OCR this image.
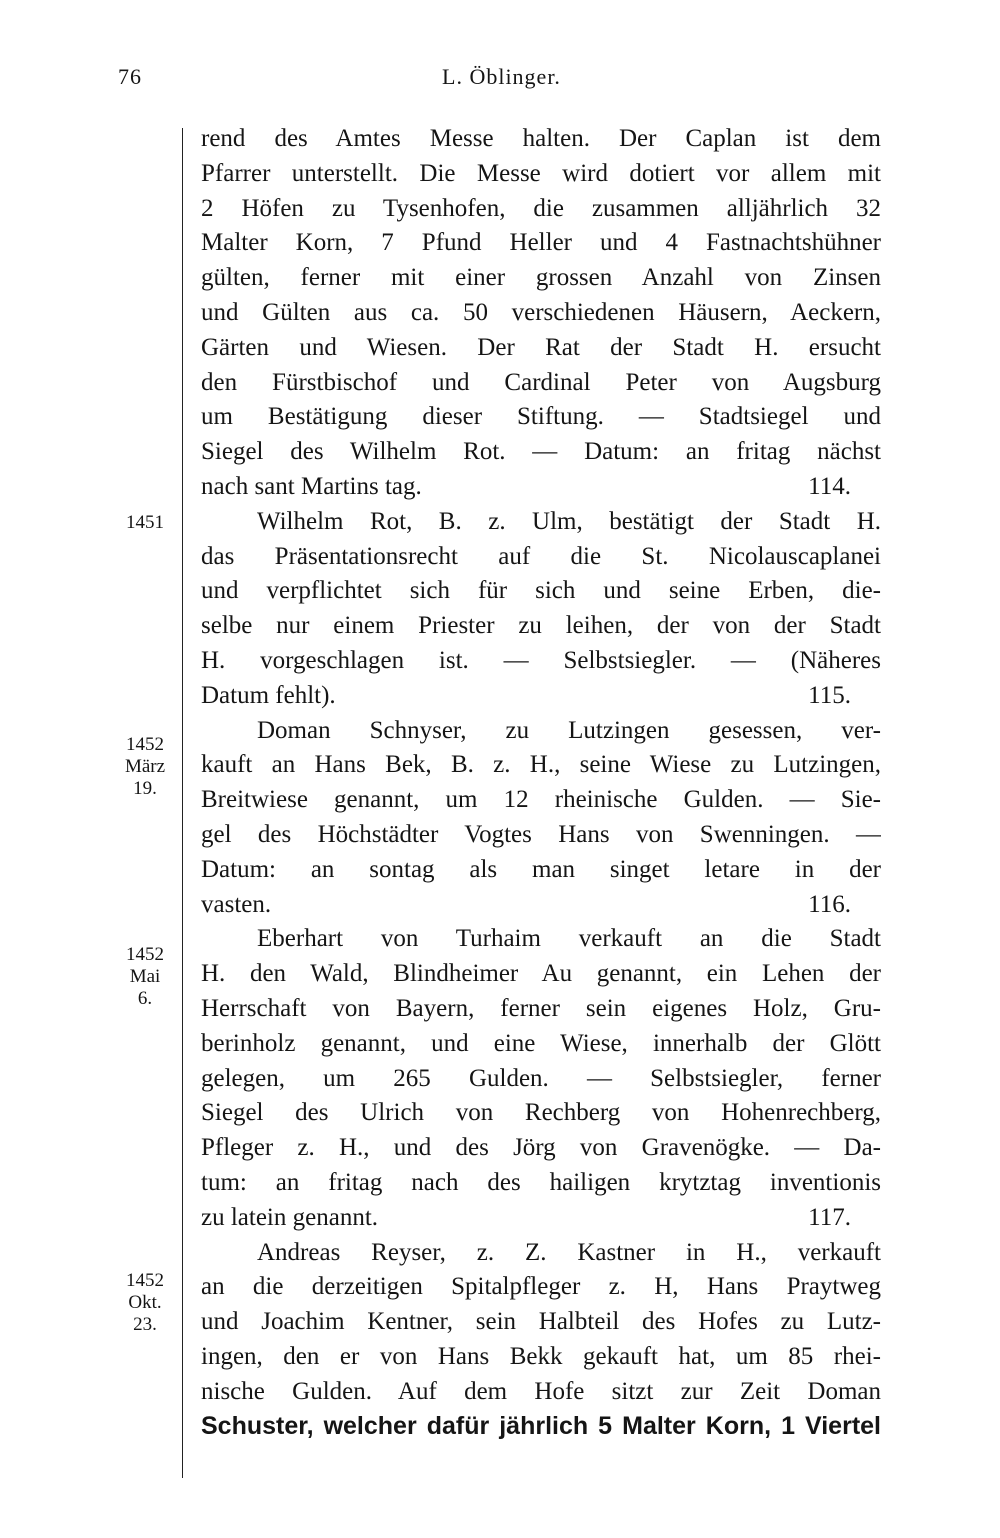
76	L. Öblinger.
1451
1452
März
19.
1452
Mai
6.
1452
Okt.
23.
rend des Amtes Messe halten. Der Caplan ist dem
Pfarrer unterstellt. Die Messe wird dotiert vor allem mit
2 Höfen zu Tysenhofen, die zusammen alljährlich 32
Malter Korn, 7 Pfund Heller und 4 Fastnachtshühner
gülten, ferner mit einer grossen Anzahl von Zinsen
und Gülten aus ca. 50 verschiedenen Häusern, Aeckern,
Gärten und Wiesen. Der Rat der Stadt H. ersucht
den Fürstbischof und Cardinal Peter von Augsburg
um Bestätigung dieser Stiftung. — Stadtsiegel und
Siegel des Wilhelm Rot. — Datum: an fritag nächst
nach sant Martins tag.	114.
Wilhelm Rot, B. z. Ulm, bestätigt der Stadt H.
das Präsentationsrecht auf die St. Nicolauscaplanei
und verpflichtet sich für sich und seine Erben, die-
selbe nur einem Priester zu leihen, der von der Stadt
H. vorgeschlagen ist. — Selbstsiegler. — (Näheres
Datum fehlt).	115.
Doman Schnyser, zu Lutzingen gesessen, ver-
kauft an Hans Bek, B. z. H., seine Wiese zu Lutzingen,
Breitwiese genannt, um 12 rheinische Gulden. — Sie-
gel des Höchstädter Vogtes Hans von Swenningen. —
Datum: an sontag als man singet letare in der
vasten.	116.
Eberhart von Turhaim verkauft an die Stadt
H. den Wald, Blindheimer Au genannt, ein Lehen der
Herrschaft von Bayern, ferner sein eigenes Holz, Gru-
berinholz genannt, und eine Wiese, innerhalb der Glött
gelegen, um 265 Gulden. — Selbstsiegler, ferner
Siegel des Ulrich von Rechberg von Hohenrechberg,
Pfleger z. H., und des Jörg von Gravenögke. — Da-
tum: an fritag nach des hailigen krytztag inventionis
zu latein genannt.	117.
Andreas Reyser, z. Z. Kastner in H., verkauft
an die derzeitigen Spitalpfleger z. H, Hans Praytweg
und Joachim Kentner, sein Halbteil des Hofes zu Lutz-
ingen, den er von Hans Bekk gekauft hat, um 85 rhei-
nische Gulden. Auf dem Hofe sitzt zur Zeit Doman
Schuster, welcher dafür jährlich 5 Malter Korn, 1 Viertel
